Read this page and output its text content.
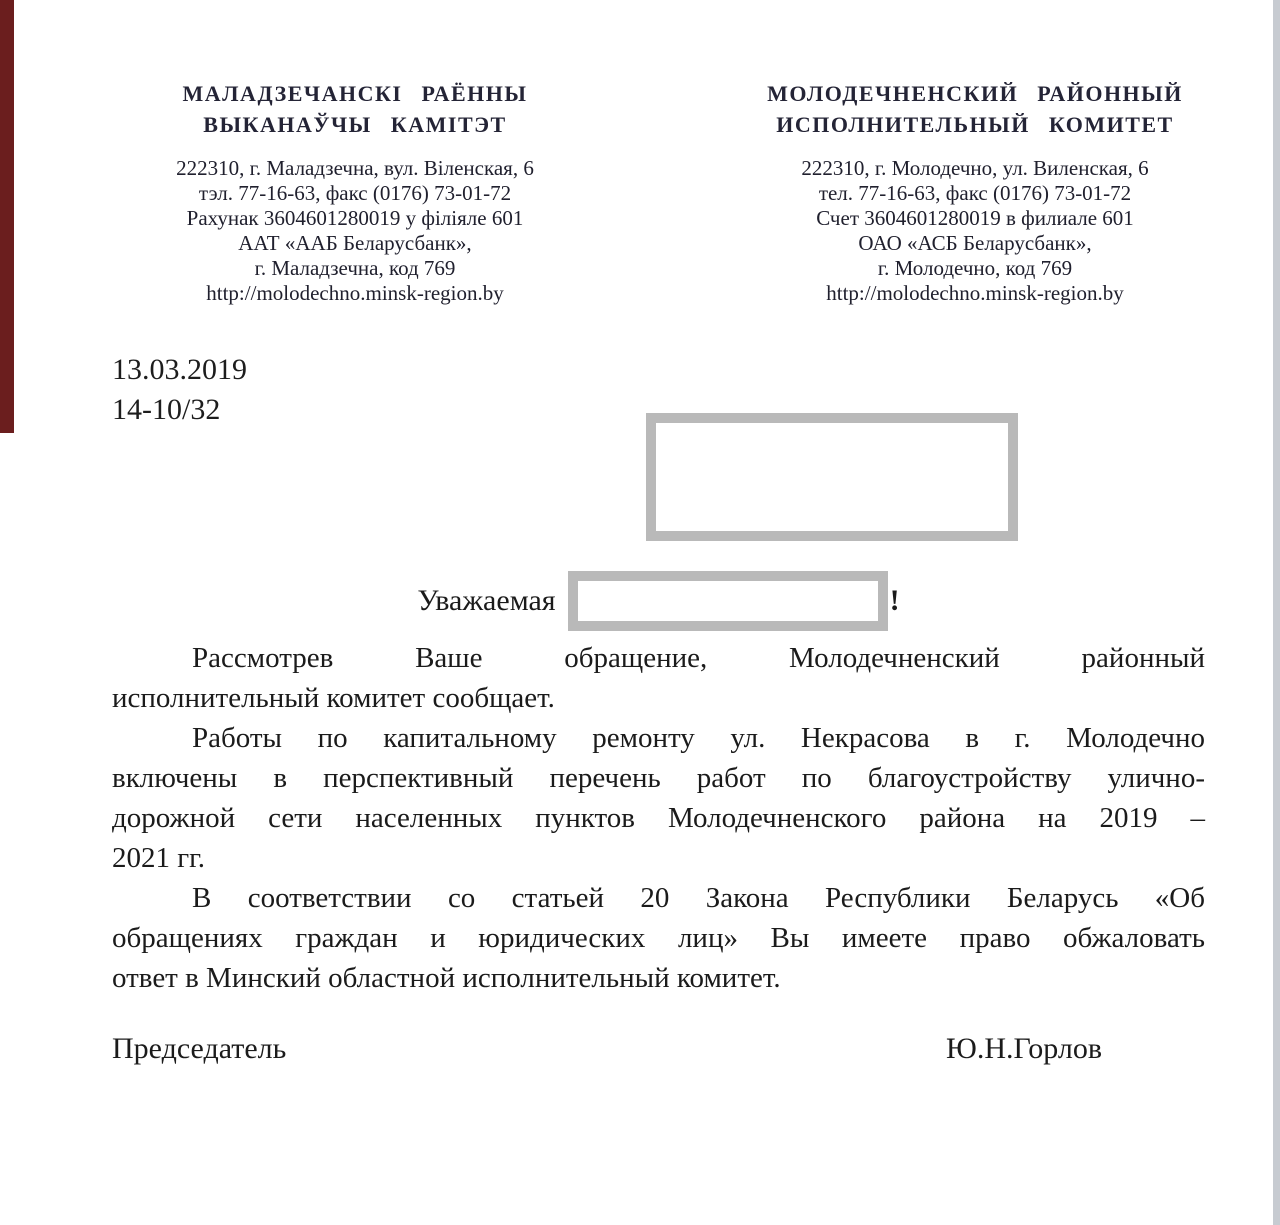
МАЛАДЗЕЧАНСКІ РАЁННЫ
ВЫКАНАЎЧЫ КАМІТЭТ
222310, г. Маладзечна, вул. Віленская, 6
тэл. 77-16-63, факс (0176) 73-01-72
Рахунак 3604601280019 у філіяле 601
ААТ «ААБ Беларусбанк»,
г. Маладзечна, код 769
http://molodechno.minsk-region.by
МОЛОДЕЧНЕНСКИЙ РАЙОННЫЙ
ИСПОЛНИТЕЛЬНЫЙ КОМИТЕТ
222310, г. Молодечно, ул. Виленская, 6
тел. 77-16-63, факс (0176) 73-01-72
Счет 3604601280019 в филиале 601
ОАО «АСБ Беларусбанк»,
г. Молодечно, код 769
http://molodechno.minsk-region.by
13.03.2019
14-10/32
Уважаемая	!
Рассмотрев Ваше обращение, Молодечненский районный
исполнительный комитет сообщает.
Работы по капитальному ремонту ул. Некрасова в г. Молодечно
включены в перспективный перечень работ по благоустройству улично-
дорожной сети населенных пунктов Молодечненского района на 2019 –
2021 гг.
В соответствии со статьей 20 Закона Республики Беларусь «Об
обращениях граждан и юридических лиц» Вы имеете право обжаловать
ответ в Минский областной исполнительный комитет.
Председатель	Ю.Н.Горлов
